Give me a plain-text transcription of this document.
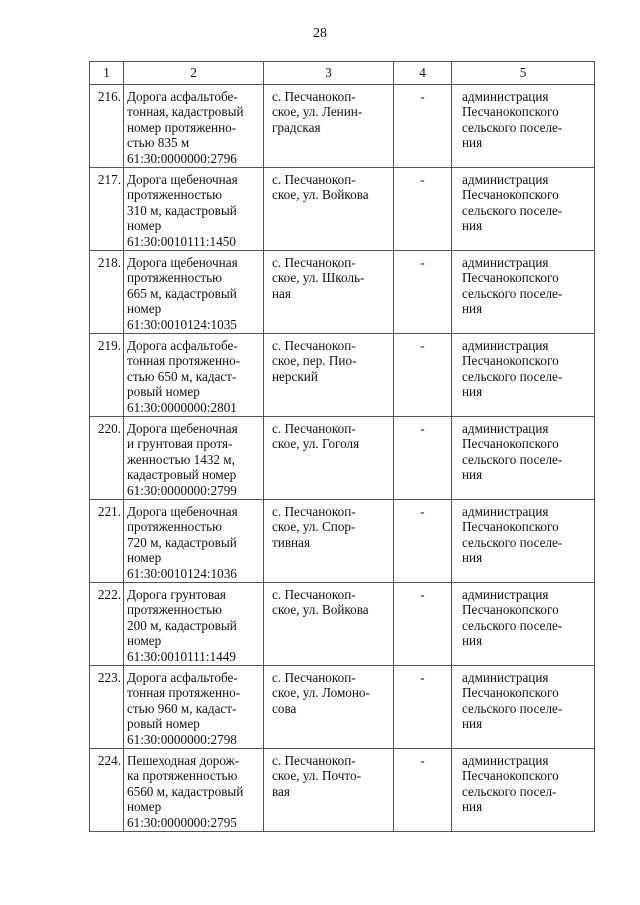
28
1	2	3	4	5
216.	Дорога асфальтобе-
тонная, кадастровый
номер протяженно-
стью 835 м
61:30:0000000:2796	с. Песчанокоп-
ское, ул. Ленин-
градская	-	администрация
Песчанокопского
сельского поселе-
ния

217.	Дорога щебеночная
протяженностью
310 м, кадастровый
номер
61:30:0010111:1450	с. Песчанокоп-
ское, ул. Войкова	-	администрация
Песчанокопского
сельского поселе-
ния

218.	Дорога щебеночная
протяженностью
665 м, кадастровый
номер
61:30:0010124:1035	с. Песчанокоп-
ское, ул. Школь-
ная	-	администрация
Песчанокопского
сельского поселе-
ния

219.	Дорога асфальтобе-
тонная протяженно-
стью 650 м, кадаст-
ровый номер
61:30:0000000:2801	с. Песчанокоп-
ское, пер. Пио-
нерский	-	администрация
Песчанокопского
сельского поселе-
ния

220.	Дорога щебеночная
и грунтовая протя-
женностью 1432 м,
кадастровый номер
61:30:0000000:2799	с. Песчанокоп-
ское, ул. Гоголя	-	администрация
Песчанокопского
сельского поселе-
ния

221.	Дорога щебеночная
протяженностью
720 м, кадастровый
номер
61:30:0010124:1036	с. Песчанокоп-
ское, ул. Спор-
тивная	-	администрация
Песчанокопского
сельского поселе-
ния

222.	Дорога грунтовая
протяженностью
200 м, кадастровый
номер
61:30:0010111:1449	с. Песчанокоп-
ское, ул. Войкова	-	администрация
Песчанокопского
сельского поселе-
ния

223.	Дорога асфальтобе-
тонная протяженно-
стью 960 м, кадаст-
ровый номер
61:30:0000000:2798	с. Песчанокоп-
ское, ул. Ломоно-
сова	-	администрация
Песчанокопского
сельского поселе-
ния

224.	Пешеходная дорож-
ка протяженностью
6560 м, кадастровый
номер
61:30:0000000:2795	с. Песчанокоп-
ское, ул. Почто-
вая	-	администрация
Песчанокопского
сельского посел-
ния
